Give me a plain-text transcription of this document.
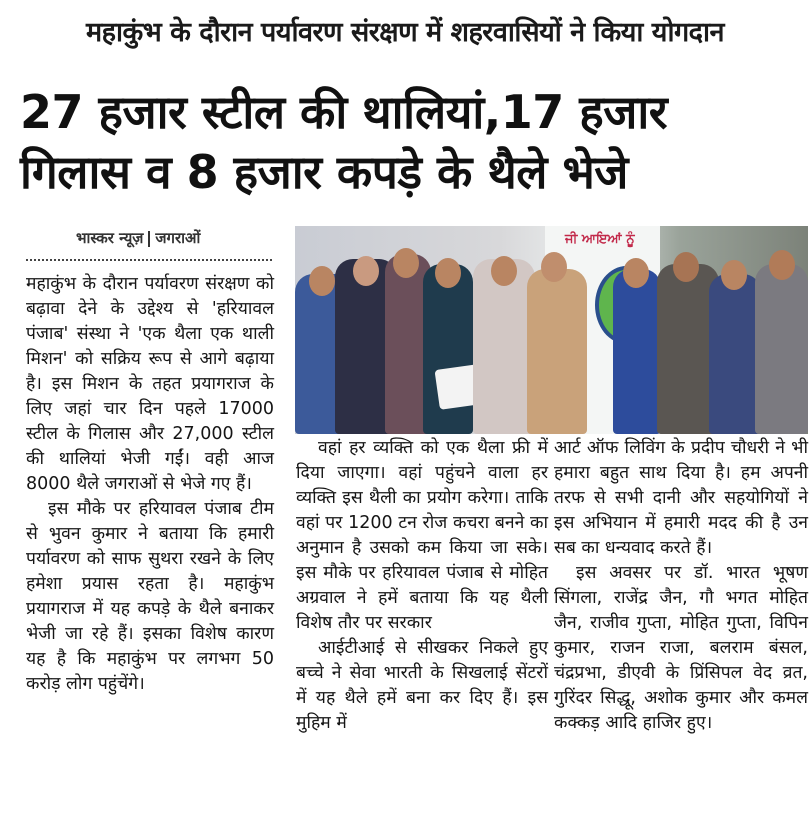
महाकुंभ के दौरान पर्यावरण संरक्षण में शहरवासियों ने किया योगदान
27 हजार स्टील की थालियां,17 हजार
गिलास व 8 हजार कपड़े के थैले भेजे
भास्कर न्यूज़ जगराओं	ਜੀ ਆਇਆਂ ਨੂੰ

महाकुंभ के दौरान पर्यावरण संरक्षण को बढ़ावा देने के उद्देश्य से 'हरियावल पंजाब' संस्था ने 'एक थैला एक थाली मिशन' को सक्रिय रूप से आगे बढ़ाया है। इस मिशन के तहत प्रयागराज के लिए जहां चार दिन पहले 17000 स्टील के गिलास और 27,000 स्टील की थालियां भेजी गईं। वही आज 8000 थैले जगराओं से भेजे गए हैं।

इस मौके पर हरियावल पंजाब टीम से भुवन कुमार ने बताया कि हमारी पर्यावरण को साफ सुथरा रखने के लिए हमेशा प्रयास रहता है। महाकुंभ प्रयागराज में यह कपड़े के थैले बनाकर भेजी जा रहे हैं। इसका विशेष कारण यह है कि महाकुंभ पर लगभग 50 करोड़ लोग पहुंचेंगे।

वहां हर व्यक्ति को एक थैला फ्री में दिया जाएगा। वहां पहुंचने वाला हर व्यक्ति इस थैली का प्रयोग करेगा। ताकि वहां पर 1200 टन रोज कचरा बनने का अनुमान है उसको कम किया जा सके। इस मौके पर हरियावल पंजाब से मोहित अग्रवाल ने हमें बताया कि यह थैली विशेष तौर पर सरकार

आईटीआई से सीखकर निकले हुए बच्चे ने सेवा भारती के सिखलाई सेंटरों में यह थैले हमें बना कर दिए हैं। इस मुहिम में

आर्ट ऑफ लिविंग के प्रदीप चौधरी ने भी हमारा बहुत साथ दिया है। हम अपनी तरफ से सभी दानी और सहयोगियों ने इस अभियान में हमारी मदद की है उन सब का धन्यवाद करते हैं।

इस अवसर पर डॉ. भारत भूषण सिंगला, राजेंद्र जैन, गौ भगत मोहित जैन, राजीव गुप्ता, मोहित गुप्ता, विपिन कुमार, राजन राजा, बलराम बंसल, चंद्रप्रभा, डीएवी के प्रिंसिपल वेद व्रत, गुरिंदर सिद्धू, अशोक कुमार और कमल कक्कड़ आदि हाजिर हुए।
